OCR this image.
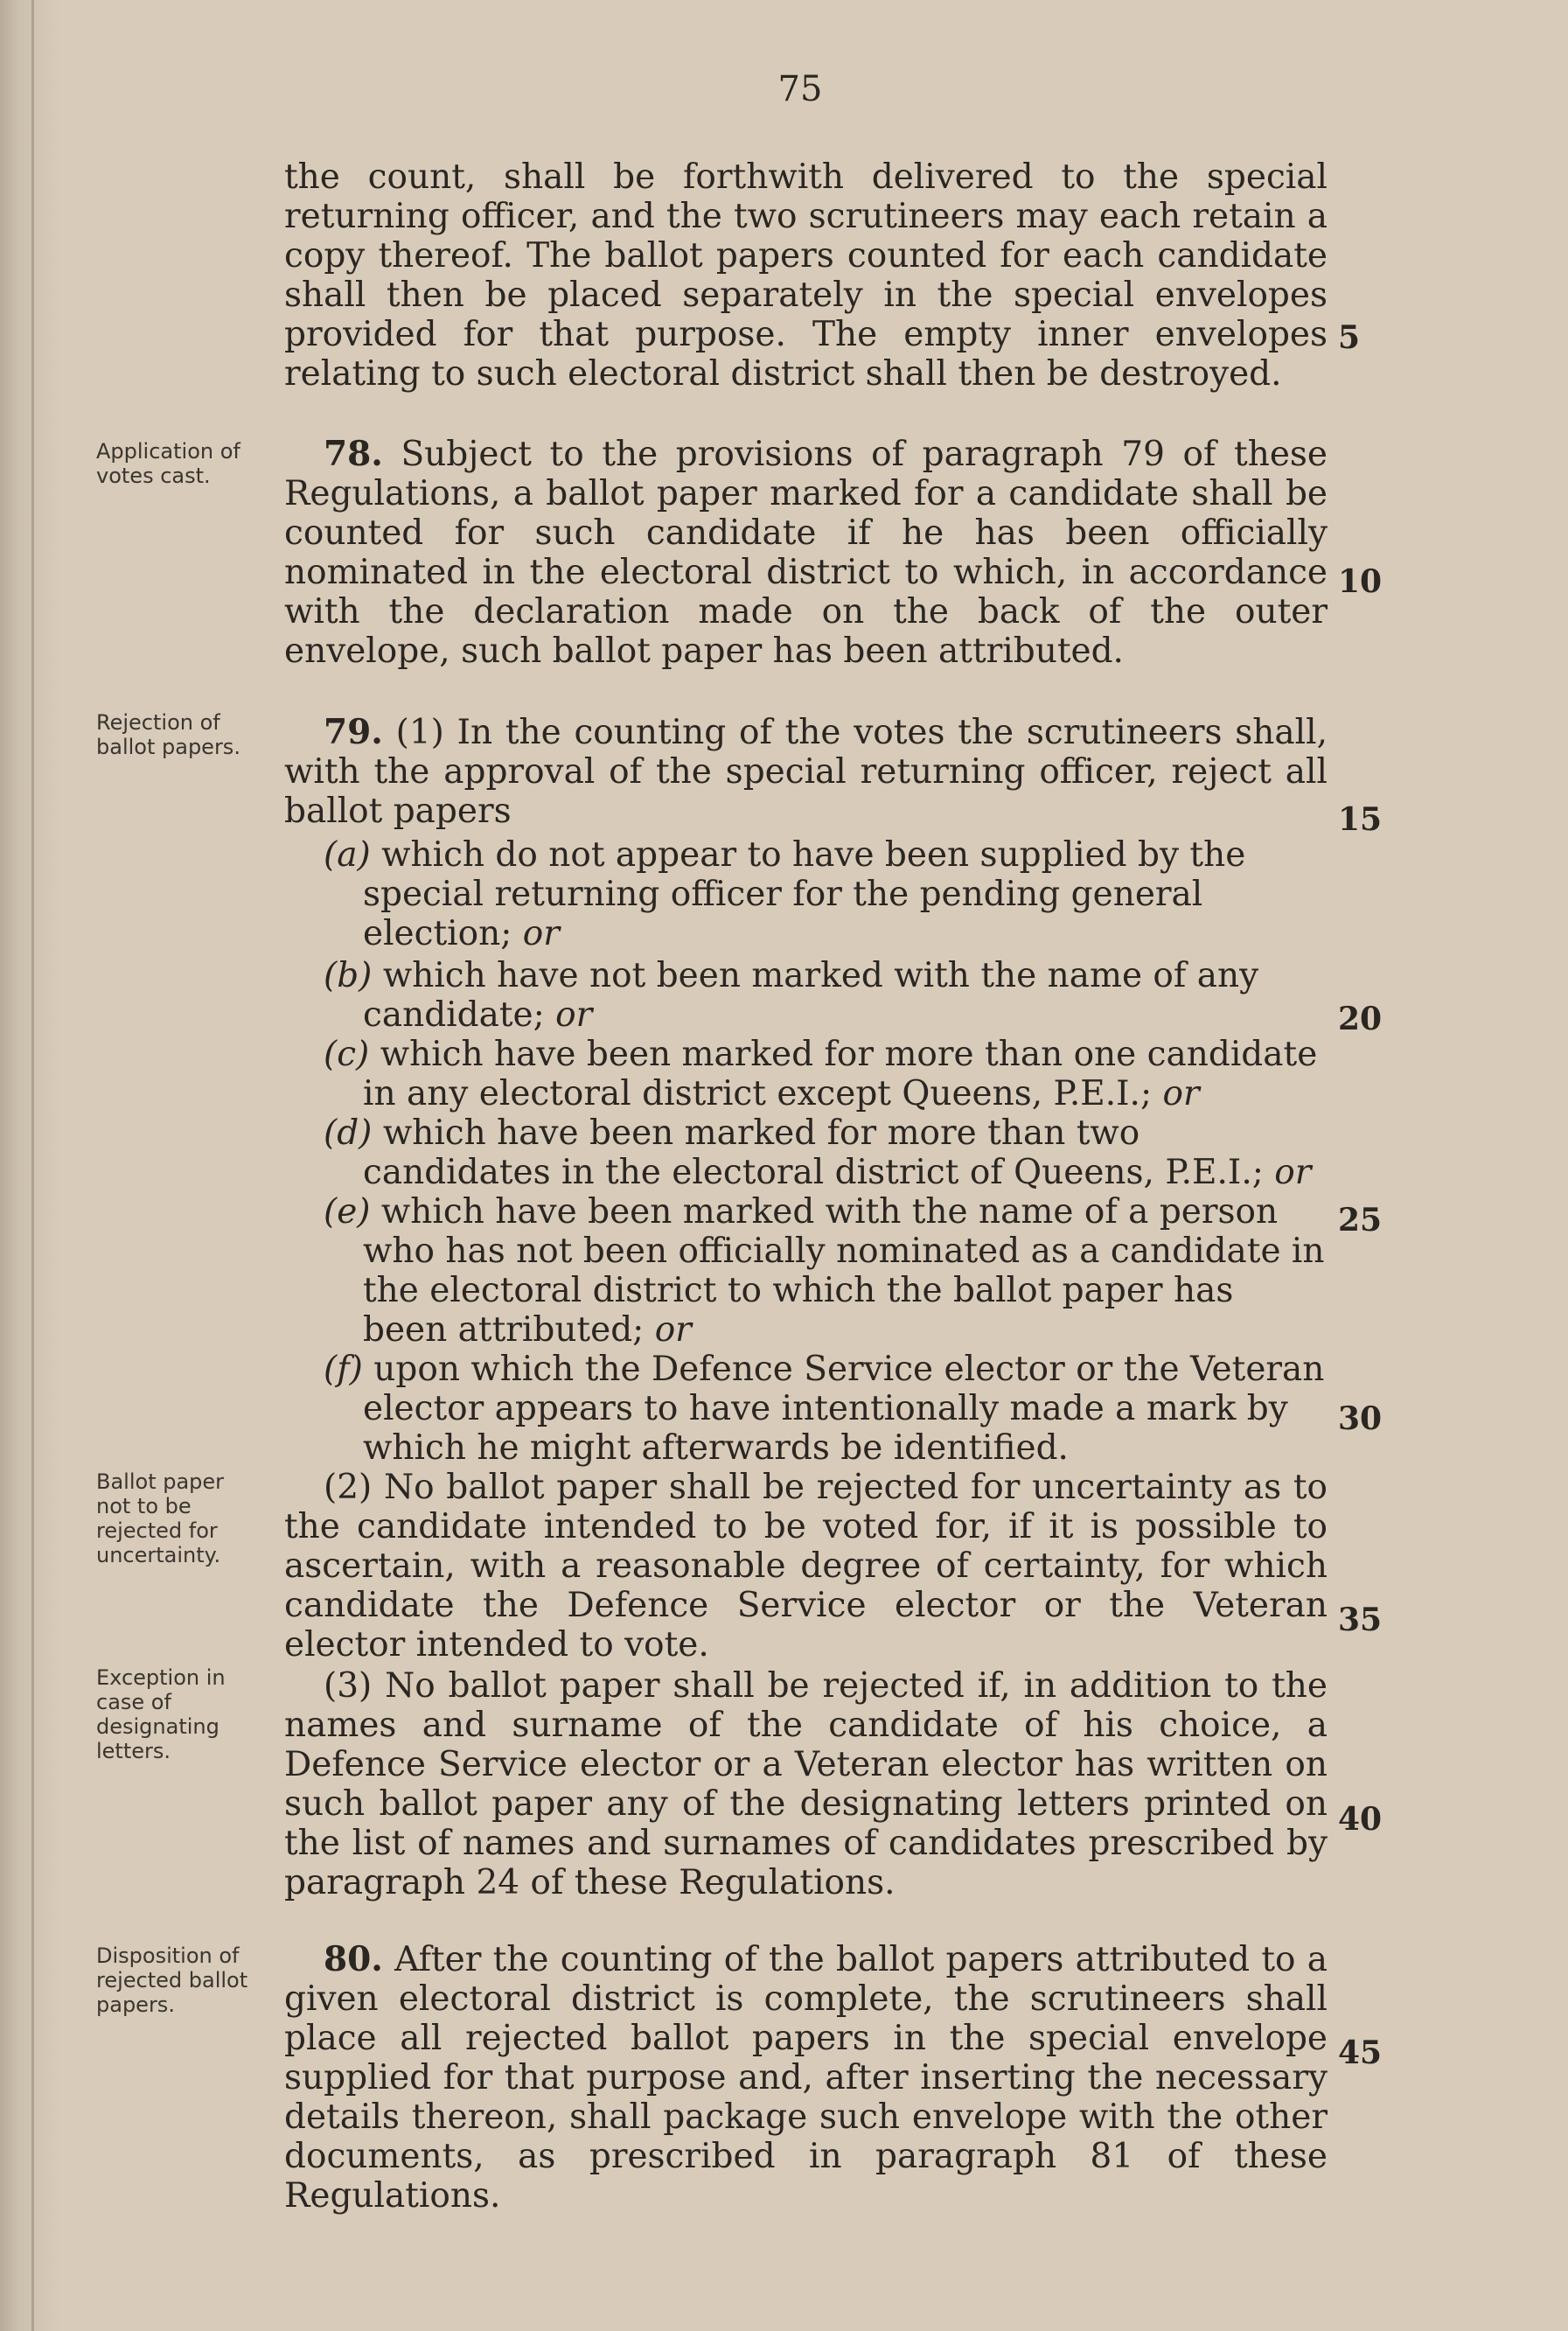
75
the count, shall be forthwith delivered to the special returning officer, and the two scrutineers may each retain a copy thereof. The ballot papers counted for each candidate shall then be placed separately in the special envelopes provided for that purpose. The empty inner envelopes relating to such electoral district shall then be destroyed.
Application of votes cast.
78. Subject to the provisions of paragraph 79 of these Regulations, a ballot paper marked for a candidate shall be counted for such candidate if he has been officially nominated in the electoral district to which, in accordance with the declaration made on the back of the outer envelope, such ballot paper has been attributed.
Rejection of ballot papers.	79. (1) In the counting of the votes the scrutineers shall, with the approval of the special returning officer, reject all ballot papers
(a) which do not appear to have been supplied by the special returning officer for the pending general election; or
(b) which have not been marked with the name of any candidate; or
(c) which have been marked for more than one candidate in any electoral district except Queens, P.E.I.; or
(d) which have been marked for more than two candidates in the electoral district of Queens, P.E.I.; or
(e) which have been marked with the name of a person who has not been officially nominated as a candidate in the electoral district to which the ballot paper has been attributed; or
(f) upon which the Defence Service elector or the Veteran elector appears to have intentionally made a mark by which he might afterwards be identified.
Ballot paper not to be rejected for uncertainty.
(2) No ballot paper shall be rejected for uncertainty as to the candidate intended to be voted for, if it is possible to ascertain, with a reasonable degree of certainty, for which candidate the Defence Service elector or the Veteran elector intended to vote.
Exception in case of designating letters.
(3) No ballot paper shall be rejected if, in addition to the names and surname of the candidate of his choice, a Defence Service elector or a Veteran elector has written on such ballot paper any of the designating letters printed on the list of names and surnames of candidates prescribed by paragraph 24 of these Regulations.
Disposition of rejected ballot papers.
80. After the counting of the ballot papers attributed to a given electoral district is complete, the scrutineers shall place all rejected ballot papers in the special envelope supplied for that purpose and, after inserting the necessary details thereon, shall package such envelope with the other documents, as prescribed in paragraph 81 of these Regulations.
5
10
15
20
25
30
35
40
45
